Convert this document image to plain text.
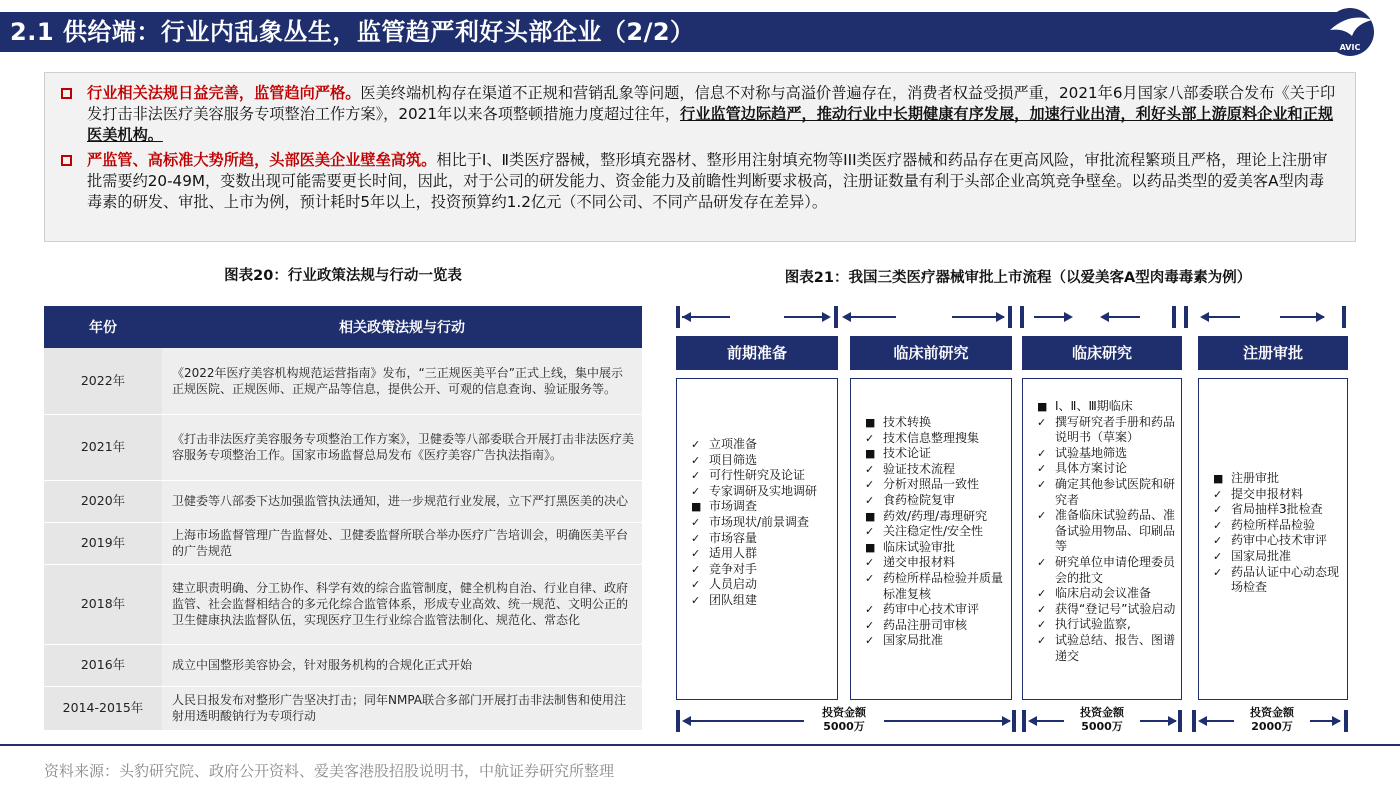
2.1 供给端：行业内乱象丛生，监管趋严利好头部企业（2/2）
AVIC
行业相关法规日益完善，监管趋向严格。医美终端机构存在渠道不正规和营销乱象等问题，信息不对称与高溢价普遍存在，消费者权益受损严重，2021年6月国家八部委联合发布《关于印发打击非法医疗美容服务专项整治工作方案》，2021年以来各项整顿措施力度超过往年，行业监管边际趋严，推动行业中长期健康有序发展，加速行业出清，利好头部上游原料企业和正规医美机构。
严监管、高标准大势所趋，头部医美企业壁垒高筑。相比于Ⅰ、Ⅱ类医疗器械，整形填充器材、整形用注射填充物等III类医疗器械和药品存在更高风险，审批流程繁琐且严格，理论上注册审批需要约20-49M，变数出现可能需要更长时间，因此，对于公司的研发能力、资金能力及前瞻性判断要求极高，注册证数量有利于头部企业高筑竞争壁垒。以药品类型的爱美客A型肉毒毒素的研发、审批、上市为例，预计耗时5年以上，投资预算约1.2亿元（不同公司、不同产品研发存在差异）。
图表20：行业政策法规与行动一览表	图表21：我国三类医疗器械审批上市流程（以爱美客A型肉毒毒素为例）
年份	相关政策法规与行动
2022年	《2022年医疗美容机构规范运营指南》发布，“三正规医美平台”正式上线，集中展示正规医院、正规医师、正规产品等信息，提供公开、可观的信息查询、验证服务等。
2021年	《打击非法医疗美容服务专项整治工作方案》，卫健委等八部委联合开展打击非法医疗美容服务专项整治工作。国家市场监督总局发布《医疗美容广告执法指南》。
2020年	卫健委等八部委下达加强监管执法通知，进一步规范行业发展，立下严打黑医美的决心
2019年	上海市场监督管理广告监督处、卫健委监督所联合举办医疗广告培训会，明确医美平台的广告规范
2018年	建立职责明确、分工协作、科学有效的综合监管制度，健全机构自治、行业自律、政府监管、社会监督相结合的多元化综合监管体系，形成专业高效、统一规范、文明公正的卫生健康执法监督队伍，实现医疗卫生行业综合监管法制化、规范化、常态化
2016年	成立中国整形美容协会，针对服务机构的合规化正式开始
2014-2015年	人民日报发布对整形广告坚决打击；同年NMPA联合多部门开展打击非法制售和使用注射用透明酸钠行为专项行动
前期准备	临床前研究	临床研究	注册审批
✓ 立项准备
✓ 项目筛选
✓ 可行性研究及论证
✓ 专家调研及实地调研
■ 市场调查
✓ 市场现状/前景调查
✓ 市场容量
✓ 适用人群
✓ 竞争对手
✓ 人员启动
✓ 团队组建
■ 技术转换
✓ 技术信息整理搜集
■ 技术论证
✓ 验证技术流程
✓ 分析对照品一致性
✓ 食药检院复审
■ 药效/药理/毒理研究
✓ 关注稳定性/安全性
■ 临床试验审批
✓ 递交申报材料
✓ 药检所样品检验并质量标准复核
✓ 药审中心技术审评
✓ 药品注册司审核
✓ 国家局批准
■ Ⅰ、Ⅱ、Ⅲ期临床
✓ 撰写研究者手册和药品说明书（草案）
✓ 试验基地筛选
✓ 具体方案讨论
✓ 确定其他参试医院和研究者
✓ 准备临床试验药品、准备试验用物品、印刷品等
✓ 研究单位申请伦理委员会的批文
✓ 临床启动会议准备
✓ 获得“登记号”试验启动
✓ 执行试验监察,
✓ 试验总结、报告、图谱递交
■ 注册审批
✓ 提交申报材料
✓ 省局抽样3批检查
✓ 药检所样品检验
✓ 药审中心技术审评
✓ 国家局批准
✓ 药品认证中心动态现场检查
投资金额
5000万
投资金额
5000万
投资金额
2000万
资料来源：头豹研究院、政府公开资料、爱美客港股招股说明书，中航证券研究所整理
